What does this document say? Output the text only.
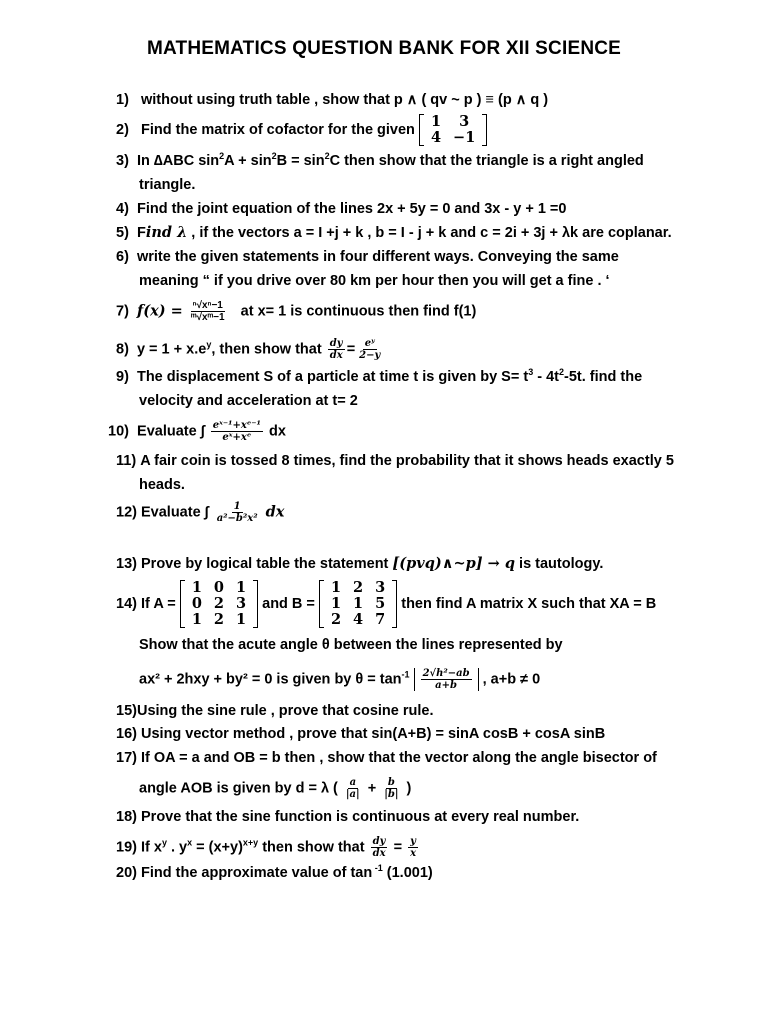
MATHEMATICS QUESTION BANK FOR XII SCIENCE
1) without using truth table , show that p ∧ ( qv ~ p ) ≡ (p ∧ q )
2) Find the matrix of cofactor for the given 1	3
4	−1
3) In ∆ABC $\sin^2A + \sin^2B = \sin^2C$ then show that the triangle is a right angled
triangle.
4) Find the joint equation of the lines 2x + 5y = 0 and 3x - y + 1 =0
5) Find λ , if the vectors a = I +j + k , b = I - j + k and c = 2i + 3j + λk are coplanar.
6) write the given statements in four different ways. Conveying the same
meaning “ if you drive over 80 km per hour then you will get a fine . ‘
7) $f(x) = \frac{\text{ⁿ√xⁿ−1}}{\text{ᵐ√xᵐ−1}}$ at x= 1 is continuous then find f(1)
8) $y = 1 + x.e^y$, then show that $\frac{dy}{dx} = \frac{\text{eʸ}}{2-y}$
9) The displacement S of a particle at time t is given by $S= t^3 - 4t^2-5t$. find the
velocity and acceleration at t= 2
10) Evaluate ∫ $\frac{\text{eˣ⁻¹+xᵉ⁻¹}}{\text{eˣ+xᵉ}}$ dx
11) A fair coin is tossed 8 times, find the probability that it shows heads exactly 5
heads.
12) Evaluate ∫ $\frac{1}{\text{a²−b²x²}}$ dx
13) Prove by logical table the statement [(pvq)∧~p] → q is tautology.
14) If A =
1	0	1
0	2	3
1	2	1
and B =
1	2	3
1	1	5
2	4	7
then find A matrix X such that XA = B
Show that the acute angle θ between the lines represented by
ax² + 2hxy + by² = 0 is given by $\theta = \tan^{-1} \frac{\text{2√h²−ab}}{a+b}$ , a+b ≠ 0
15)Using the sine rule , prove that cosine rule.
16) Using vector method , prove that sin(A+B) = sinA cosB + cosA sinB
17) If OA = a and OB = b then , show that the vector along the angle bisector of
angle AOB is given by d = λ ( $\frac{a}{|a|} + \frac{b}{|b|}$ )
18) Prove that the sine function is continuous at every real number.
19) If $x^y$ . $y^x = (x+y)^{x+y}$ then show that $\frac{dy}{dx} = \frac{y}{x}$
20) Find the approximate value of tan $^{-1}$ (1.001)
